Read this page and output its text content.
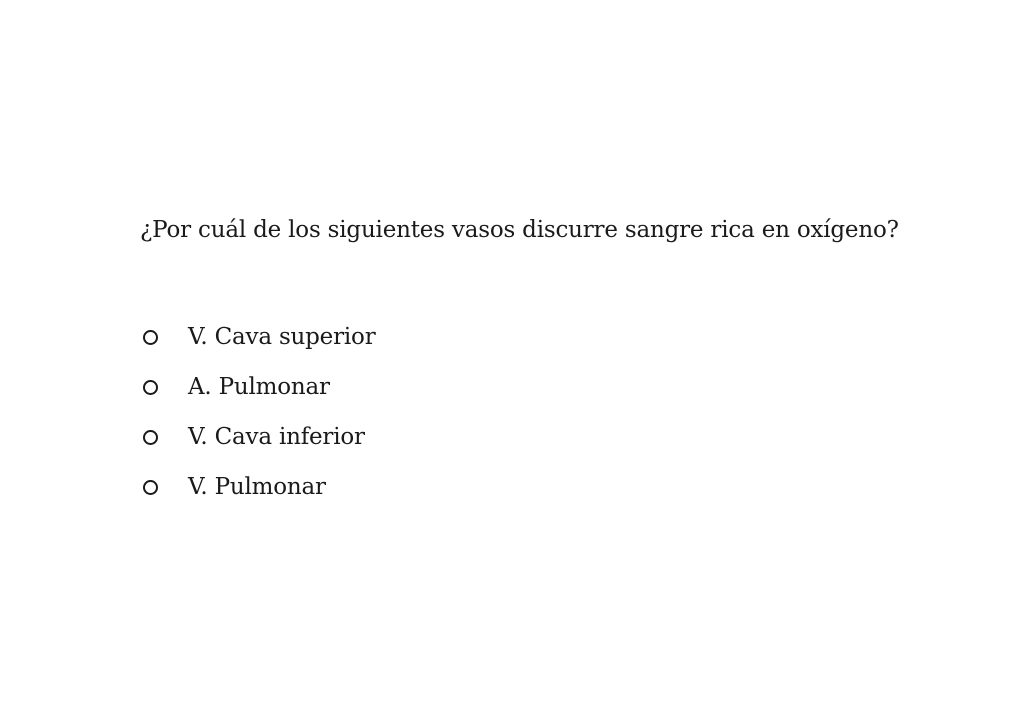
¿Por cuál de los siguientes vasos discurre sangre rica en oxígeno?

V. Cava superior
A. Pulmonar
V. Cava inferior
V. Pulmonar
